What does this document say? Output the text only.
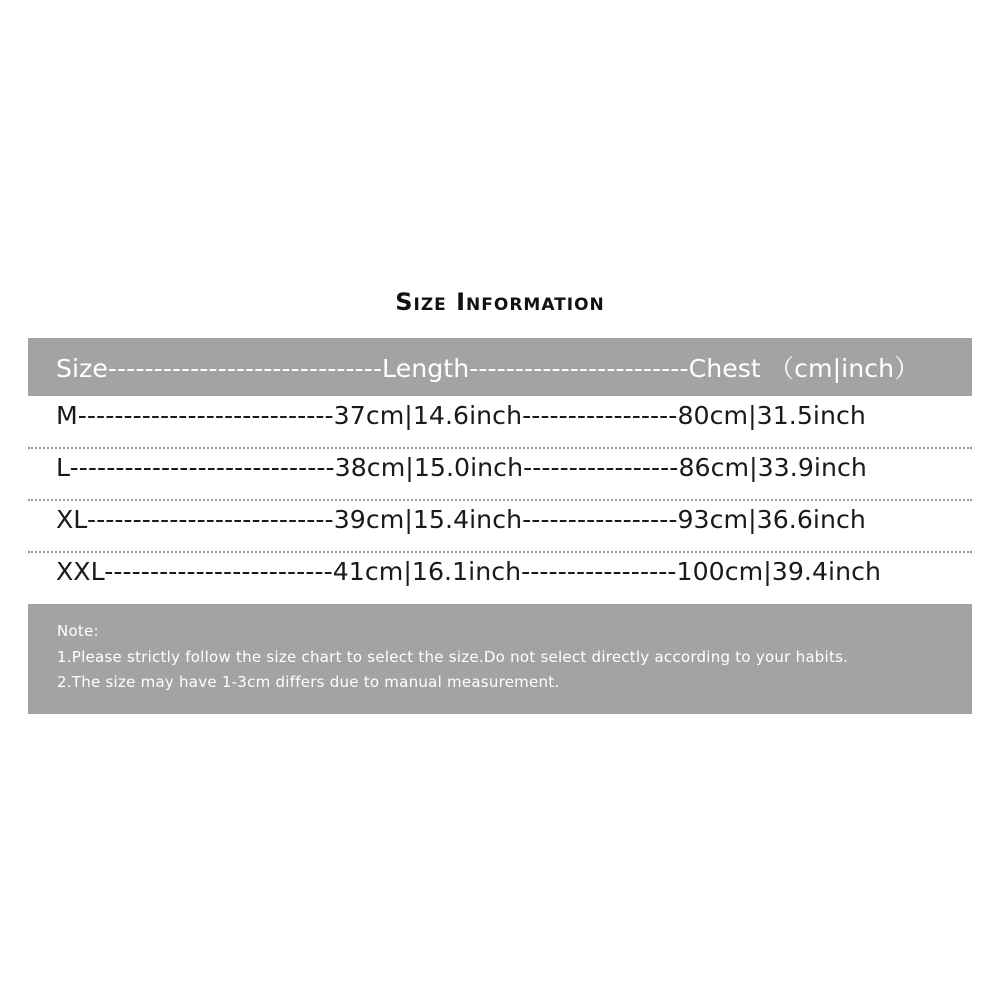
Size Information
Size------------------------------Length------------------------Chest （cm|inch）
M----------------------------37cm|14.6inch-----------------80cm|31.5inch
L-----------------------------38cm|15.0inch-----------------86cm|33.9inch
XL---------------------------39cm|15.4inch-----------------93cm|36.6inch
XXL-------------------------41cm|16.1inch-----------------100cm|39.4inch
Note:
1.Please strictly follow the size chart to select the size.Do not select directly according to your habits.
2.The size may have 1-3cm differs due to manual measurement.
